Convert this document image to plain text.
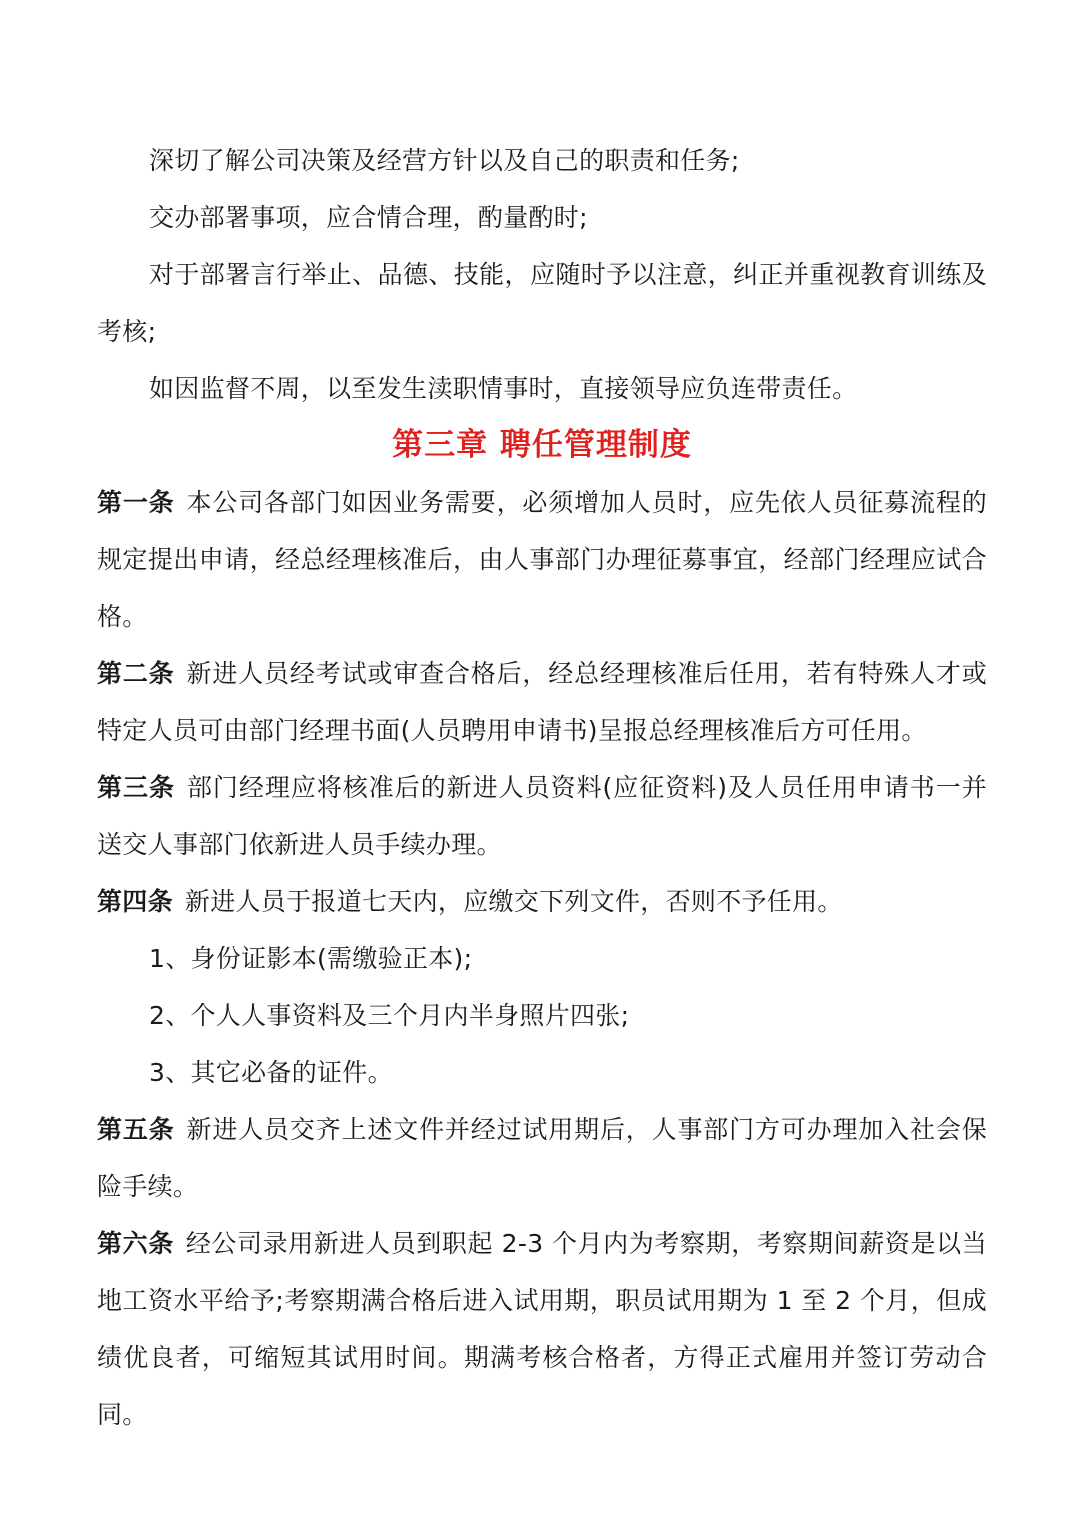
深切了解公司决策及经营方针以及自己的职责和任务;

交办部署事项，应合情合理，酌量酌时;

对于部署言行举止、品德、技能，应随时予以注意，纠正并重视教育训练及考核;

如因监督不周，以至发生渎职情事时，直接领导应负连带责任。

第三章 聘任管理制度

第一条 本公司各部门如因业务需要，必须增加人员时，应先依人员征募流程的规定提出申请，经总经理核准后，由人事部门办理征募事宜，经部门经理应试合格。

第二条 新进人员经考试或审查合格后，经总经理核准后任用，若有特殊人才或特定人员可由部门经理书面(人员聘用申请书)呈报总经理核准后方可任用。

第三条 部门经理应将核准后的新进人员资料(应征资料)及人员任用申请书一并送交人事部门依新进人员手续办理。

第四条 新进人员于报道七天内，应缴交下列文件，否则不予任用。

1、身份证影本(需缴验正本);

2、个人人事资料及三个月内半身照片四张;

3、其它必备的证件。

第五条 新进人员交齐上述文件并经过试用期后，人事部门方可办理加入社会保险手续。

第六条 经公司录用新进人员到职起 2-3 个月内为考察期，考察期间薪资是以当地工资水平给予;考察期满合格后进入试用期，职员试用期为 1 至 2 个月，但成绩优良者，可缩短其试用时间。期满考核合格者，方得正式雇用并签订劳动合同。
